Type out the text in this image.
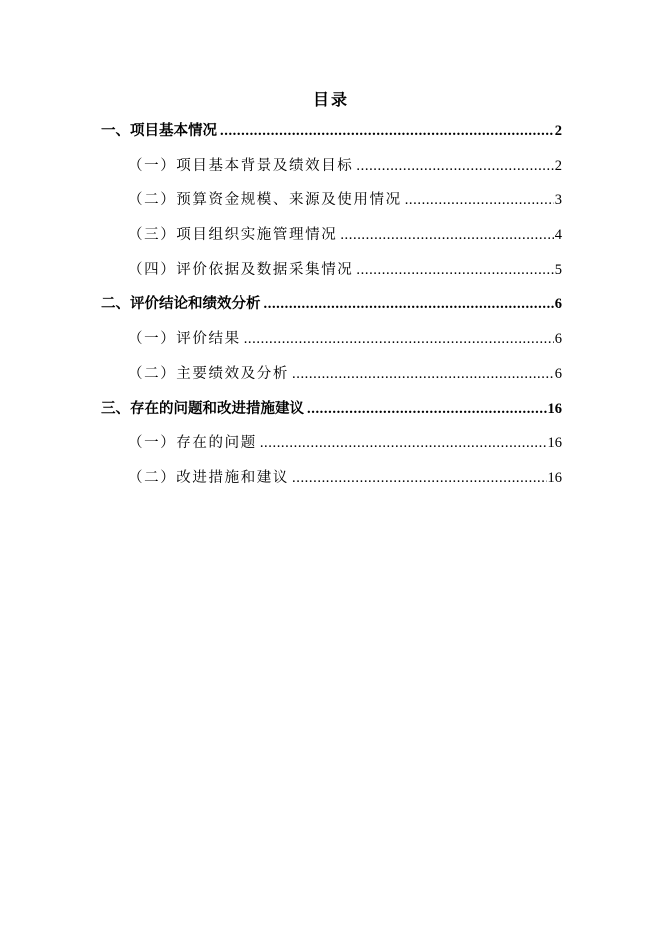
目录
一、项目基本情况 .....	2
（一）项目基本背景及绩效目标 .....	2
（二）预算资金规模、来源及使用情况 .....	3
（三）项目组织实施管理情况 .....	4
（四）评价依据及数据采集情况 .....	5
二、评价结论和绩效分析 .....	6
（一）评价结果 .....	6
（二）主要绩效及分析 .....	6
三、存在的问题和改进措施建议 .....	16
（一）存在的问题 .....	16
（二）改进措施和建议 .....	16
